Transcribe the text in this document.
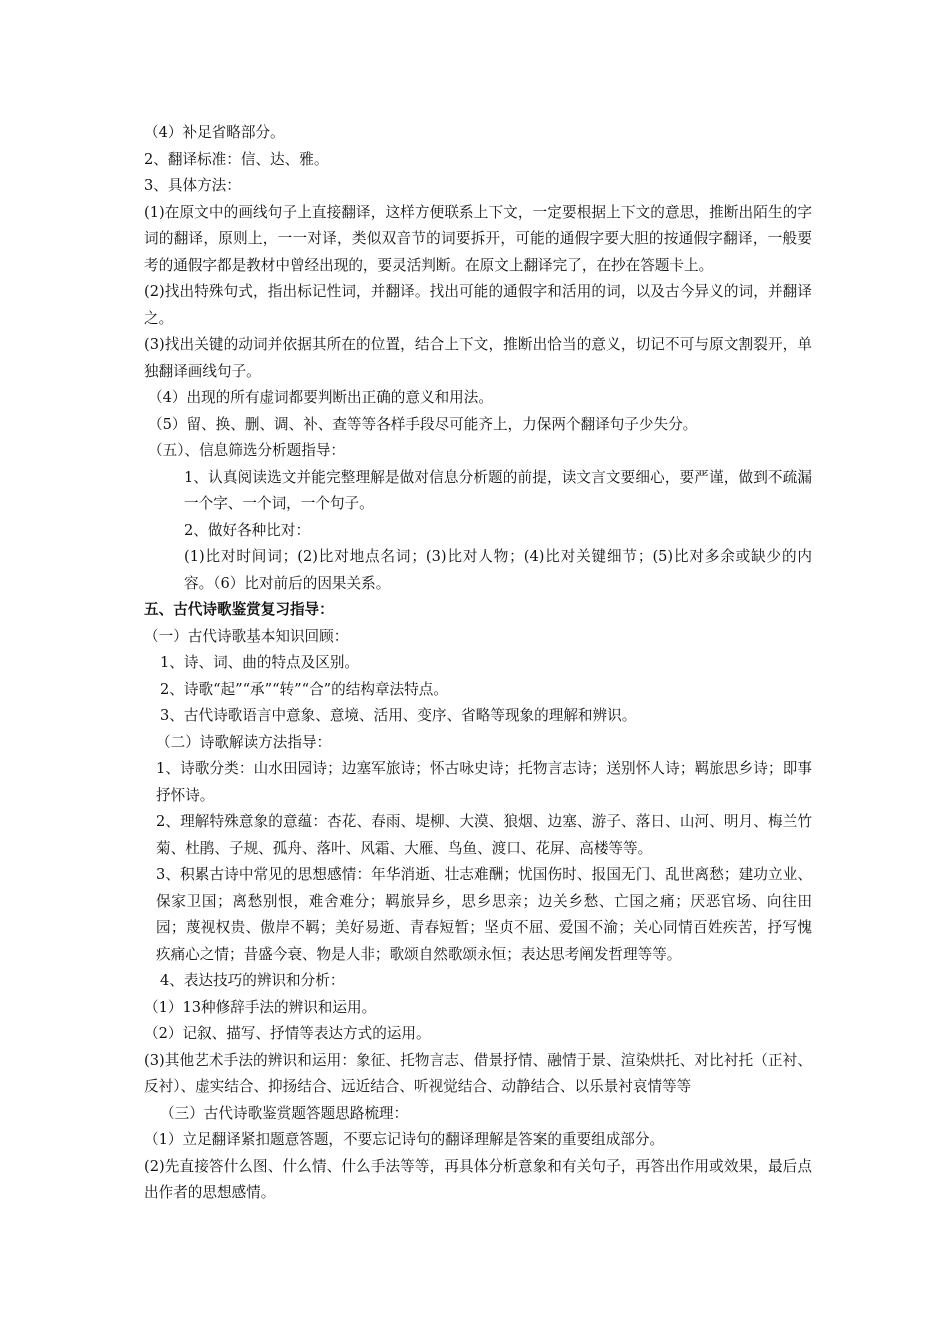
（4）补足省略部分。

2、翻译标准：信、达、雅。

3、具体方法：

(1)在原文中的画线句子上直接翻译，这样方便联系上下文，一定要根据上下文的意思，推断出陌生的字词的翻译，原则上，一一对译，类似双音节的词要拆开，可能的通假字要大胆的按通假字翻译，一般要考的通假字都是教材中曾经出现的，要灵活判断。在原文上翻译完了，在抄在答题卡上。

(2)找出特殊句式，指出标记性词，并翻译。找出可能的通假字和活用的词，以及古今异义的词，并翻译之。

(3)找出关键的动词并依据其所在的位置，结合上下文，推断出恰当的意义，切记不可与原文割裂开，单独翻译画线句子。

（4）出现的所有虚词都要判断出正确的意义和用法。

（5）留、换、删、调、补、查等等各样手段尽可能齐上，力保两个翻译句子少失分。

（五）、信息筛选分析题指导：

1、认真阅读选文并能完整理解是做对信息分析题的前提，读文言文要细心，要严谨，做到不疏漏一个字、一个词，一个句子。

2、做好各种比对：

(1)比对时间词；(2)比对地点名词；(3)比对人物；(4)比对关键细节；(5)比对多余或缺少的内容。（6）比对前后的因果关系。

五、古代诗歌鉴赏复习指导：

（一）古代诗歌基本知识回顾：

1、诗、词、曲的特点及区别。

2、诗歌“起”“承”“转”“合”的结构章法特点。

3、古代诗歌语言中意象、意境、活用、变序、省略等现象的理解和辨识。

（二）诗歌解读方法指导：

1、诗歌分类：山水田园诗；边塞军旅诗；怀古咏史诗；托物言志诗；送别怀人诗；羁旅思乡诗；即事抒怀诗。

2、理解特殊意象的意蕴：杏花、春雨、堤柳、大漠、狼烟、边塞、游子、落日、山河、明月、梅兰竹菊、杜鹃、子规、孤舟、落叶、风霜、大雁、鸟鱼、渡口、花屏、高楼等等。

3、积累古诗中常见的思想感情：年华消逝、壮志难酬；忧国伤时、报国无门、乱世离愁；建功立业、保家卫国；离愁别恨，难舍难分；羁旅异乡，思乡思亲；边关乡愁、亡国之痛；厌恶官场、向往田园；蔑视权贵、傲岸不羁；美好易逝、青春短暂；坚贞不屈、爱国不渝；关心同情百姓疾苦，抒写愧疚痛心之情；昔盛今衰、物是人非；歌颂自然歌颂永恒；表达思考阐发哲理等等。

4、表达技巧的辨识和分析：

（1）13种修辞手法的辨识和运用。

（2）记叙、描写、抒情等表达方式的运用。

(3)其他艺术手法的辨识和运用：象征、托物言志、借景抒情、融情于景、渲染烘托、对比衬托（正衬、反衬）、虚实结合、抑扬结合、远近结合、听视觉结合、动静结合、以乐景衬哀情等等

（三）古代诗歌鉴赏题答题思路梳理：

（1）立足翻译紧扣题意答题，不要忘记诗句的翻译理解是答案的重要组成部分。

(2)先直接答什么图、什么情、什么手法等等，再具体分析意象和有关句子，再答出作用或效果，最后点出作者的思想感情。
